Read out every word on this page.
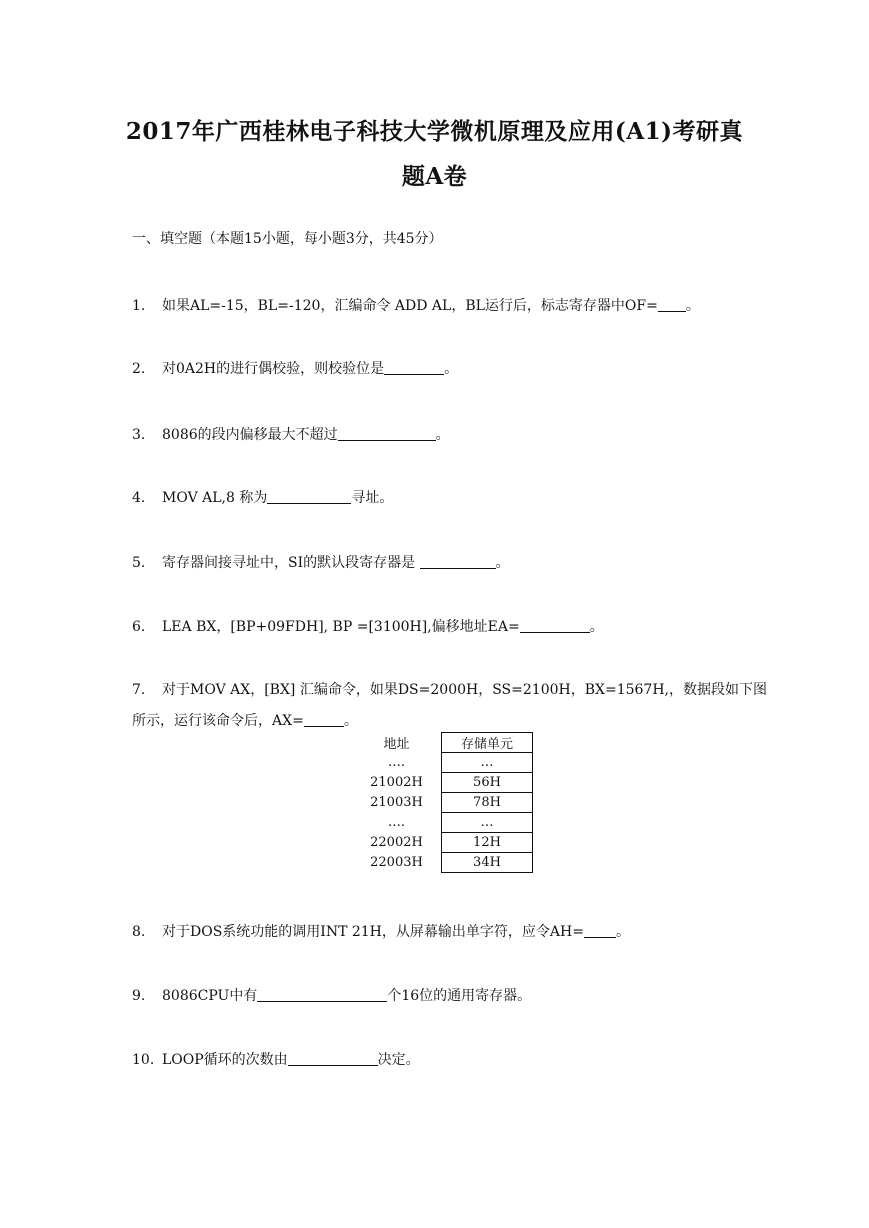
2017年广西桂林电子科技大学微机原理及应用(A1)考研真
题A卷
一、填空题（本题15小题，每小题3分，共45分）
1. 如果AL=-15，BL=-120，汇编命令 ADD AL，BL运行后，标志寄存器中OF= 。
2. 对0A2H的进行偶校验，则校验位是	。
3. 8086的段内偏移最大不超过	。
4. MOV AL,8 称为	寻址。
5. 寄存器间接寻址中，SI的默认段寄存器是	。
6. LEA BX，[BP+09FDH], BP =[3100H],偏移地址EA=	。
7. 对于MOV AX，[BX] 汇编命令，如果DS=2000H，SS=2100H，BX=1567H,，数据段如下图
所示，运行该命令后，AX=	。
地址	存储单元
….	…
21002H	56H
21003H	78H
….	…
22002H	12H
22003H	34H
8. 对于DOS系统功能的调用INT 21H，从屏幕输出单字符，应令AH= 。
9. 8086CPU中有	个16位的通用寄存器。
10. LOOP循环的次数由	决定。
